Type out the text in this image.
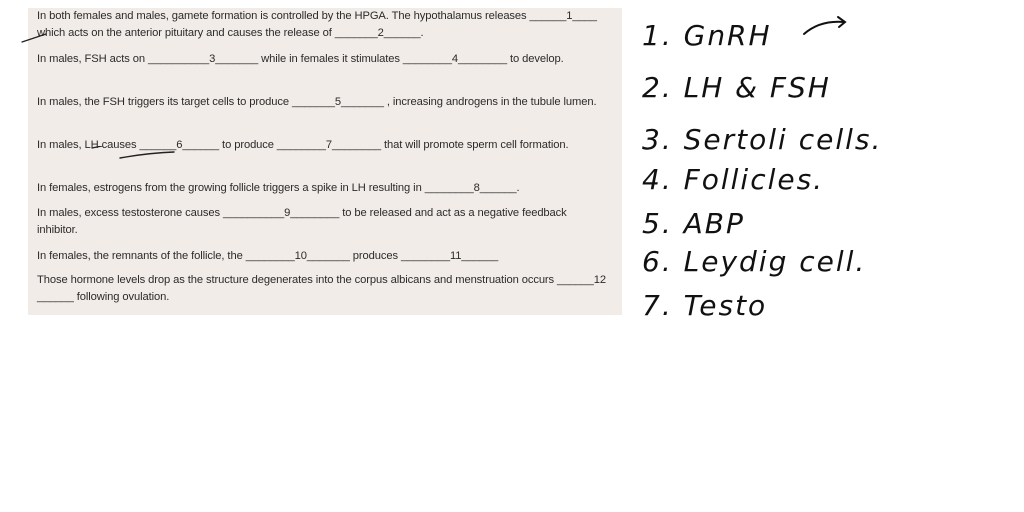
In both females and males, gamete formation is controlled by the HPGA. The hypothalamus releases ______1____ which acts on the anterior pituitary and causes the release of _______2______.
In males, FSH acts on __________3_______ while in females it stimulates ________4________ to develop.
In males, the FSH triggers its target cells to produce _______5_______ , increasing androgens in the tubule lumen.
In males, LH causes ______6______ to produce ________7________ that will promote sperm cell formation.
In females, estrogens from the growing follicle triggers a spike in LH resulting in ________8______.
In males, excess testosterone causes __________9________ to be released and act as a negative feedback inhibitor.
In females, the remnants of the follicle, the ________10_______ produces ________11______
Those hormone levels drop as the structure degenerates into the corpus albicans and menstruation occurs ______12 ______ following ovulation.
1. GnRH
2. LH & FSH
3. Sertoli cells.
4. Follicles.
5. ABP
6. Leydig cell.
7. Testo
